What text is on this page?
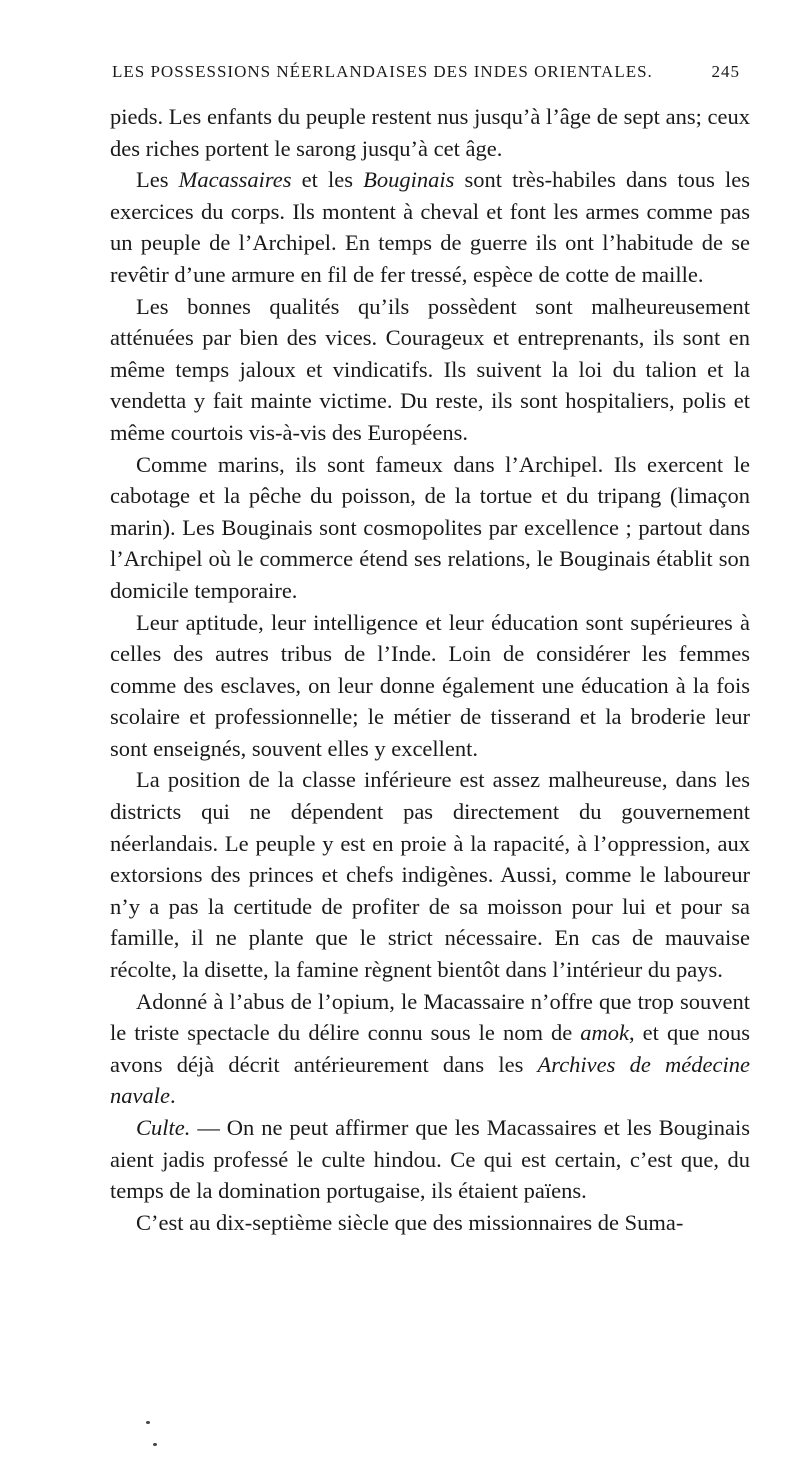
LES POSSESSIONS NÉERLANDAISES DES INDES ORIENTALES.	245

pieds. Les enfants du peuple restent nus jusqu’à l’âge de sept ans; ceux des riches portent le sarong jusqu’à cet âge.

Les Macassaires et les Bouginais sont très-habiles dans tous les exercices du corps. Ils montent à cheval et font les armes comme pas un peuple de l’Archipel. En temps de guerre ils ont l’habitude de se revêtir d’une armure en fil de fer tressé, espèce de cotte de maille.

Les bonnes qualités qu’ils possèdent sont malheureusement atténuées par bien des vices. Courageux et entreprenants, ils sont en même temps jaloux et vindicatifs. Ils suivent la loi du talion et la vendetta y fait mainte victime. Du reste, ils sont hospitaliers, polis et même courtois vis-à-vis des Européens.

Comme marins, ils sont fameux dans l’Archipel. Ils exercent le cabotage et la pêche du poisson, de la tortue et du tripang (limaçon marin). Les Bouginais sont cosmopolites par excellence ; partout dans l’Archipel où le commerce étend ses relations, le Bouginais établit son domicile temporaire.

Leur aptitude, leur intelligence et leur éducation sont supérieures à celles des autres tribus de l’Inde. Loin de considérer les femmes comme des esclaves, on leur donne également une éducation à la fois scolaire et professionnelle; le métier de tisserand et la broderie leur sont enseignés, souvent elles y excellent.

La position de la classe inférieure est assez malheureuse, dans les districts qui ne dépendent pas directement du gouvernement néerlandais. Le peuple y est en proie à la rapacité, à l’oppression, aux extorsions des princes et chefs indigènes. Aussi, comme le laboureur n’y a pas la certitude de profiter de sa moisson pour lui et pour sa famille, il ne plante que le strict nécessaire. En cas de mauvaise récolte, la disette, la famine règnent bientôt dans l’intérieur du pays.

Adonné à l’abus de l’opium, le Macassaire n’offre que trop souvent le triste spectacle du délire connu sous le nom de amok, et que nous avons déjà décrit antérieurement dans les Archives de médecine navale.

Culte. — On ne peut affirmer que les Macassaires et les Bouginais aient jadis professé le culte hindou. Ce qui est certain, c’est que, du temps de la domination portugaise, ils étaient païens.

C’est au dix-septième siècle que des missionnaires de Suma-
